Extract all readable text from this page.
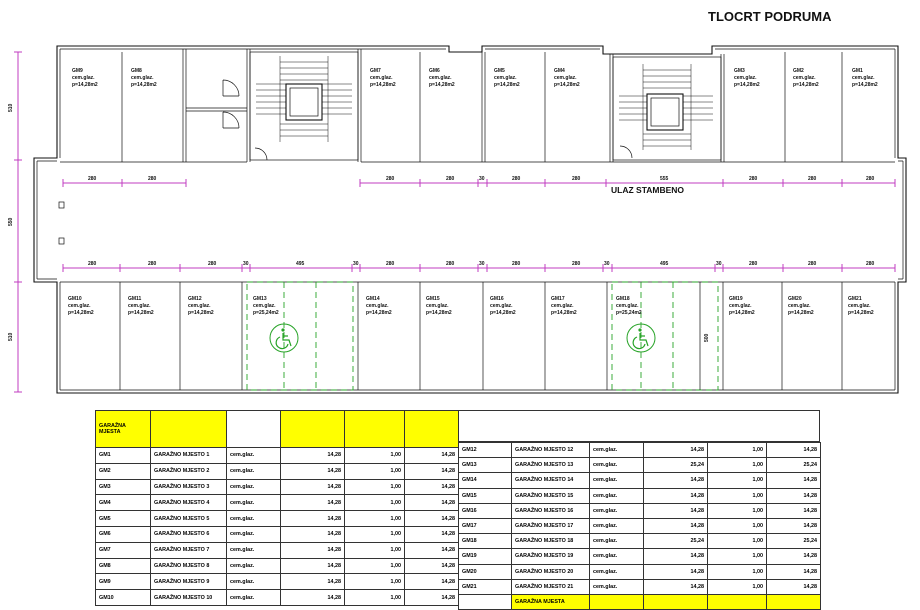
TLOCRT PODRUMA
500
ULAZ STAMBENO
510
550
510
280	280	280	280	30	280	280	555	280	280	280
280	280	280	30	495	30	280	280	30	280	280	30	495	30	280	280	280
GM9
cem.glaz.
p=14,28m2
GM8
cem.glaz.
p=14,28m2
GM7
cem.glaz.
p=14,28m2
GM6
cem.glaz.
p=14,28m2
GM5
cem.glaz.
p=14,28m2
GM4
cem.glaz.
p=14,28m2
GM3
cem.glaz.
p=14,28m2
GM2
cem.glaz.
p=14,28m2
GM1
cem.glaz.
p=14,28m2
GM10
cem.glaz.
p=14,28m2
GM11
cem.glaz.
p=14,28m2
GM12
cem.glaz.
p=14,28m2
GM13
cem.glaz.
p=25,24m2
GM14
cem.glaz.
p=14,28m2
GM15
cem.glaz.
p=14,28m2
GM16
cem.glaz.
p=14,28m2
GM17
cem.glaz.
p=14,28m2
GM18
cem.glaz.
p=25,24m2
GM19
cem.glaz.
p=14,28m2
GM20
cem.glaz.
p=14,28m2
GM21
cem.glaz.
p=14,28m2
GARAŽNA MJESTA					
GM1	GARAŽNO MJESTO 1	cem.glaz.	14,28	1,00	14,28
GM2	GARAŽNO MJESTO 2	cem.glaz.	14,28	1,00	14,28
GM3	GARAŽNO MJESTO 3	cem.glaz.	14,28	1,00	14,28
GM4	GARAŽNO MJESTO 4	cem.glaz.	14,28	1,00	14,28
GM5	GARAŽNO MJESTO 5	cem.glaz.	14,28	1,00	14,28
GM6	GARAŽNO MJESTO 6	cem.glaz.	14,28	1,00	14,28
GM7	GARAŽNO MJESTO 7	cem.glaz.	14,28	1,00	14,28
GM8	GARAŽNO MJESTO 8	cem.glaz.	14,28	1,00	14,28
GM9	GARAŽNO MJESTO 9	cem.glaz.	14,28	1,00	14,28
GM10	GARAŽNO MJESTO 10	cem.glaz.	14,28	1,00	14,28
GM12	GARAŽNO MJESTO 12	cem.glaz.	14,28	1,00	14,28
GM13	GARAŽNO MJESTO 13	cem.glaz.	25,24	1,00	25,24
GM14	GARAŽNO MJESTO 14	cem.glaz.	14,28	1,00	14,28
GM15	GARAŽNO MJESTO 15	cem.glaz.	14,28	1,00	14,28
GM16	GARAŽNO MJESTO 16	cem.glaz.	14,28	1,00	14,28
GM17	GARAŽNO MJESTO 17	cem.glaz.	14,28	1,00	14,28
GM18	GARAŽNO MJESTO 18	cem.glaz.	25,24	1,00	25,24
GM19	GARAŽNO MJESTO 19	cem.glaz.	14,28	1,00	14,28
GM20	GARAŽNO MJESTO 20	cem.glaz.	14,28	1,00	14,28
GM21	GARAŽNO MJESTO 21	cem.glaz.	14,28	1,00	14,28
	GARAŽNA MJESTA				
